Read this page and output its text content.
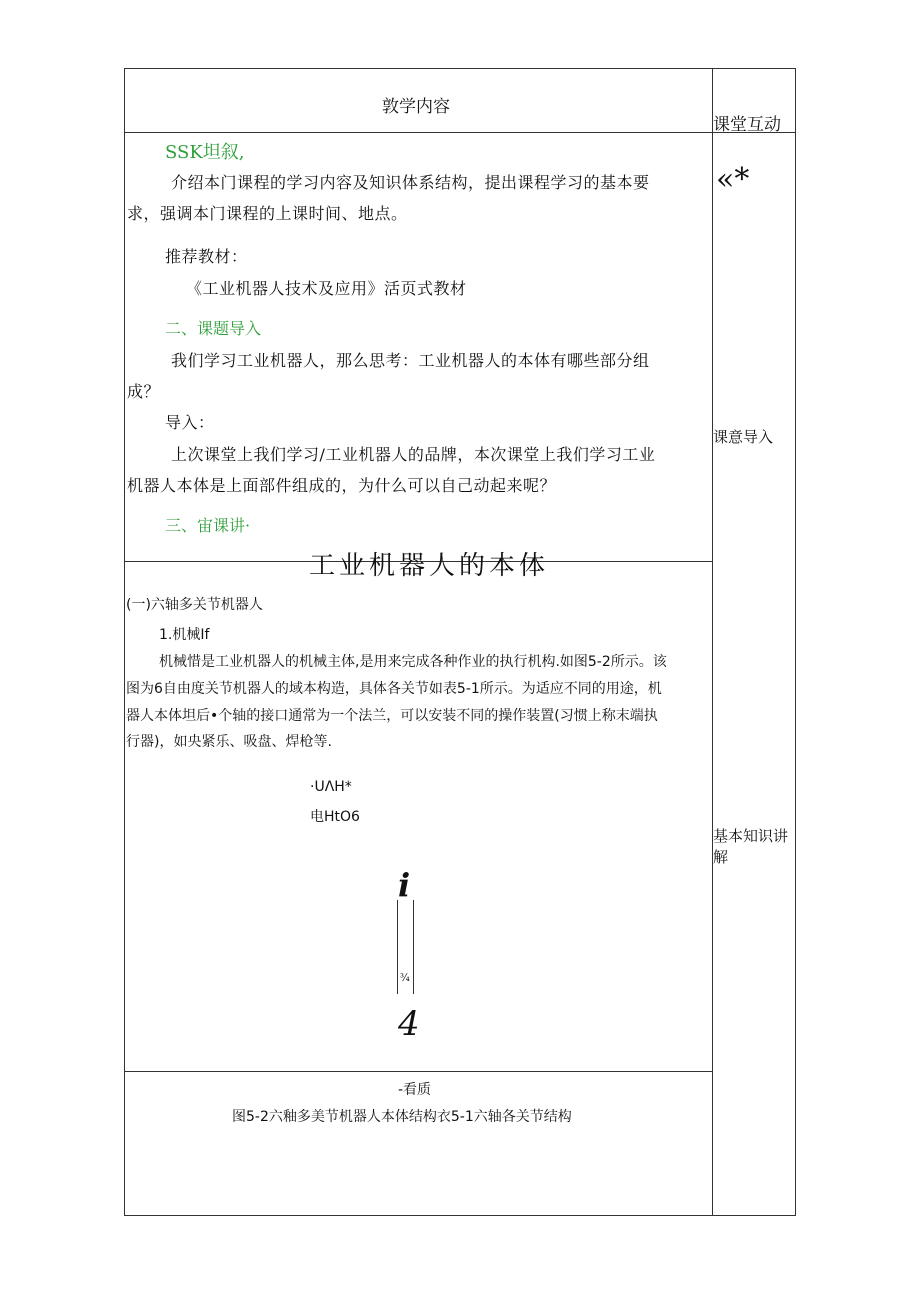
敦学内容
课堂互动
SSK坦叙,
介绍本门课程的学习内容及知识体系结构，提出课程学习的基本要
求，强调本门课程的上课时间、地点。
推荐教材：
《工业机器人技术及应用》活页式教材
«*
二、课题导入
我们学习工业机器人，那么思考：工业机器人的本体有哪些部分组
成？
导入：
上次课堂上我们学习/工业机器人的品牌，本次课堂上我们学习工业
机器人本体是上面部件组成的，为什么可以自己动起来呢？
课意导入
三、宙课讲·
工业机器人的本体
(一)六轴多关节机器人
1.机械If
机械惜是工业机器人的机械主体,是用来完成各种作业的执行机构.如图5-2所示。该
图为6自由度关节机器人的域本构造，具体各关节如表5-1所示。为适应不同的用途，机
器人本体坦后•个轴的接口通常为一个法兰，可以安装不同的操作装置(习惯上称末端执
行器)，如央紧乐、吸盘、焊枪等.
基本知识讲解
·UΛH*
电HtO6
i
¾
4
-看质
图5-2六釉多美节机器人本体结构衣5-1六轴各关节结构
